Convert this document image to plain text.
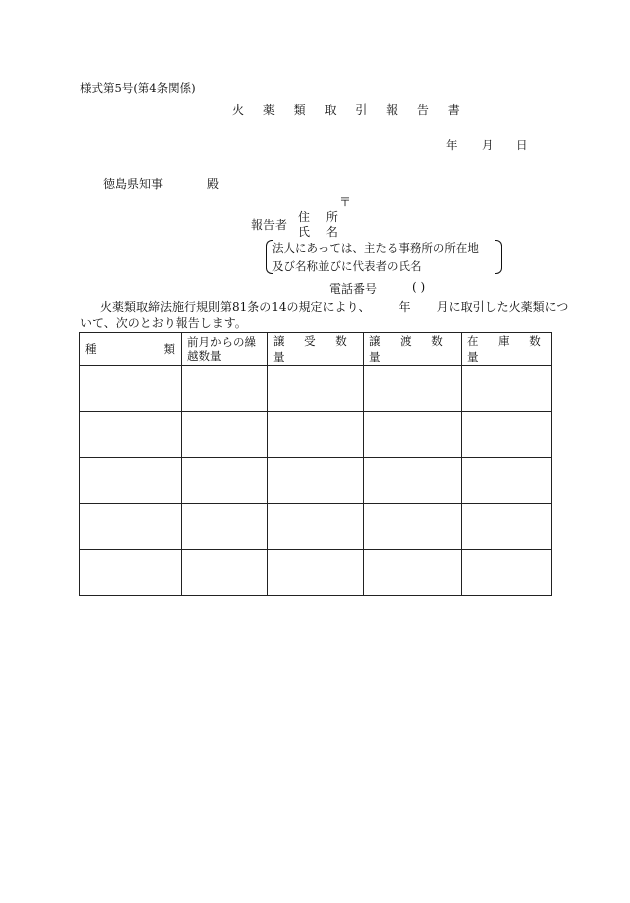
様式第5号(第4条関係)
火 薬 類 取 引 報 告 書
年 月 日
徳島県知事	殿
〒
報告者
住 所
氏 名
法人にあっては、主たる事務所の所在地
及び名称並びに代表者の氏名
電話番号	( )
火薬類取締法施行規則第81条の14の規定により、 年 月に取引した火薬類につ
いて、次のとおり報告します。
種 類	前月からの繰越数量	譲 受 数 量	譲 渡 数 量	在 庫 数 量
